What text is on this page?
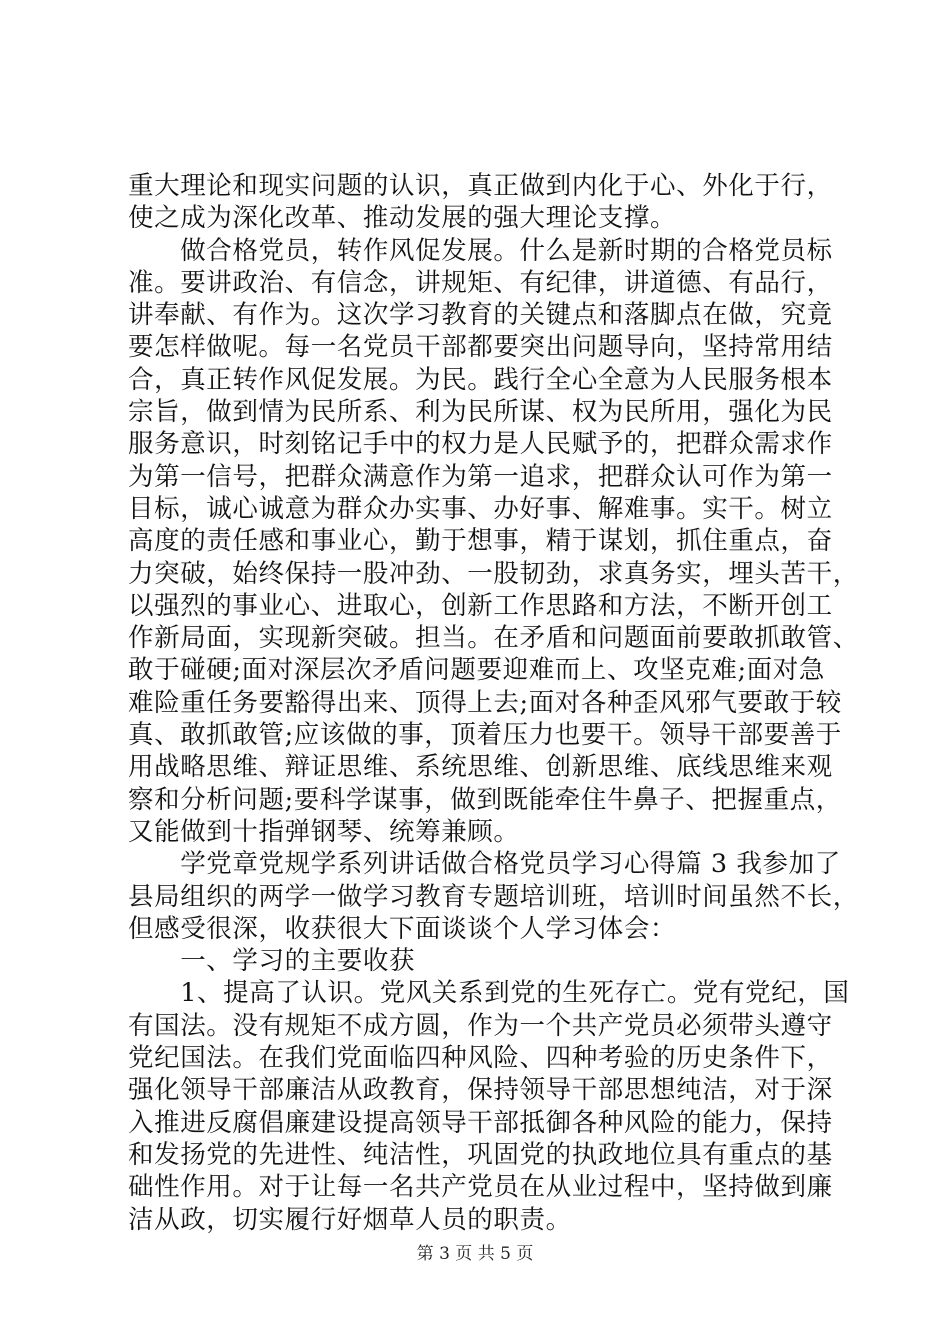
重大理论和现实问题的认识，真正做到内化于心、外化于行，
使之成为深化改革、推动发展的强大理论支撑。
　　做合格党员，转作风促发展。什么是新时期的合格党员标
准。要讲政治、有信念，讲规矩、有纪律，讲道德、有品行，
讲奉献、有作为。这次学习教育的关键点和落脚点在做，究竟
要怎样做呢。每一名党员干部都要突出问题导向，坚持常用结
合，真正转作风促发展。为民。践行全心全意为人民服务根本
宗旨，做到情为民所系、利为民所谋、权为民所用，强化为民
服务意识，时刻铭记手中的权力是人民赋予的，把群众需求作
为第一信号，把群众满意作为第一追求，把群众认可作为第一
目标，诚心诚意为群众办实事、办好事、解难事。实干。树立
高度的责任感和事业心，勤于想事，精于谋划，抓住重点，奋
力突破，始终保持一股冲劲、一股韧劲，求真务实，埋头苦干，
以强烈的事业心、进取心，创新工作思路和方法，不断开创工
作新局面，实现新突破。担当。在矛盾和问题面前要敢抓敢管、
敢于碰硬;面对深层次矛盾问题要迎难而上、攻坚克难;面对急
难险重任务要豁得出来、顶得上去;面对各种歪风邪气要敢于较
真、敢抓敢管;应该做的事，顶着压力也要干。领导干部要善于
用战略思维、辩证思维、系统思维、创新思维、底线思维来观
察和分析问题;要科学谋事，做到既能牵住牛鼻子、把握重点，
又能做到十指弹钢琴、统筹兼顾。
　　学党章党规学系列讲话做合格党员学习心得篇 3 我参加了
县局组织的两学一做学习教育专题培训班，培训时间虽然不长，
但感受很深，收获很大下面谈谈个人学习体会：
　　一、学习的主要收获
　　1、提高了认识。党风关系到党的生死存亡。党有党纪，国
有国法。没有规矩不成方圆，作为一个共产党员必须带头遵守
党纪国法。在我们党面临四种风险、四种考验的历史条件下，
强化领导干部廉洁从政教育，保持领导干部思想纯洁，对于深
入推进反腐倡廉建设提高领导干部抵御各种风险的能力，保持
和发扬党的先进性、纯洁性，巩固党的执政地位具有重点的基
础性作用。对于让每一名共产党员在从业过程中，坚持做到廉
洁从政，切实履行好烟草人员的职责。
第 3 页 共 5 页
